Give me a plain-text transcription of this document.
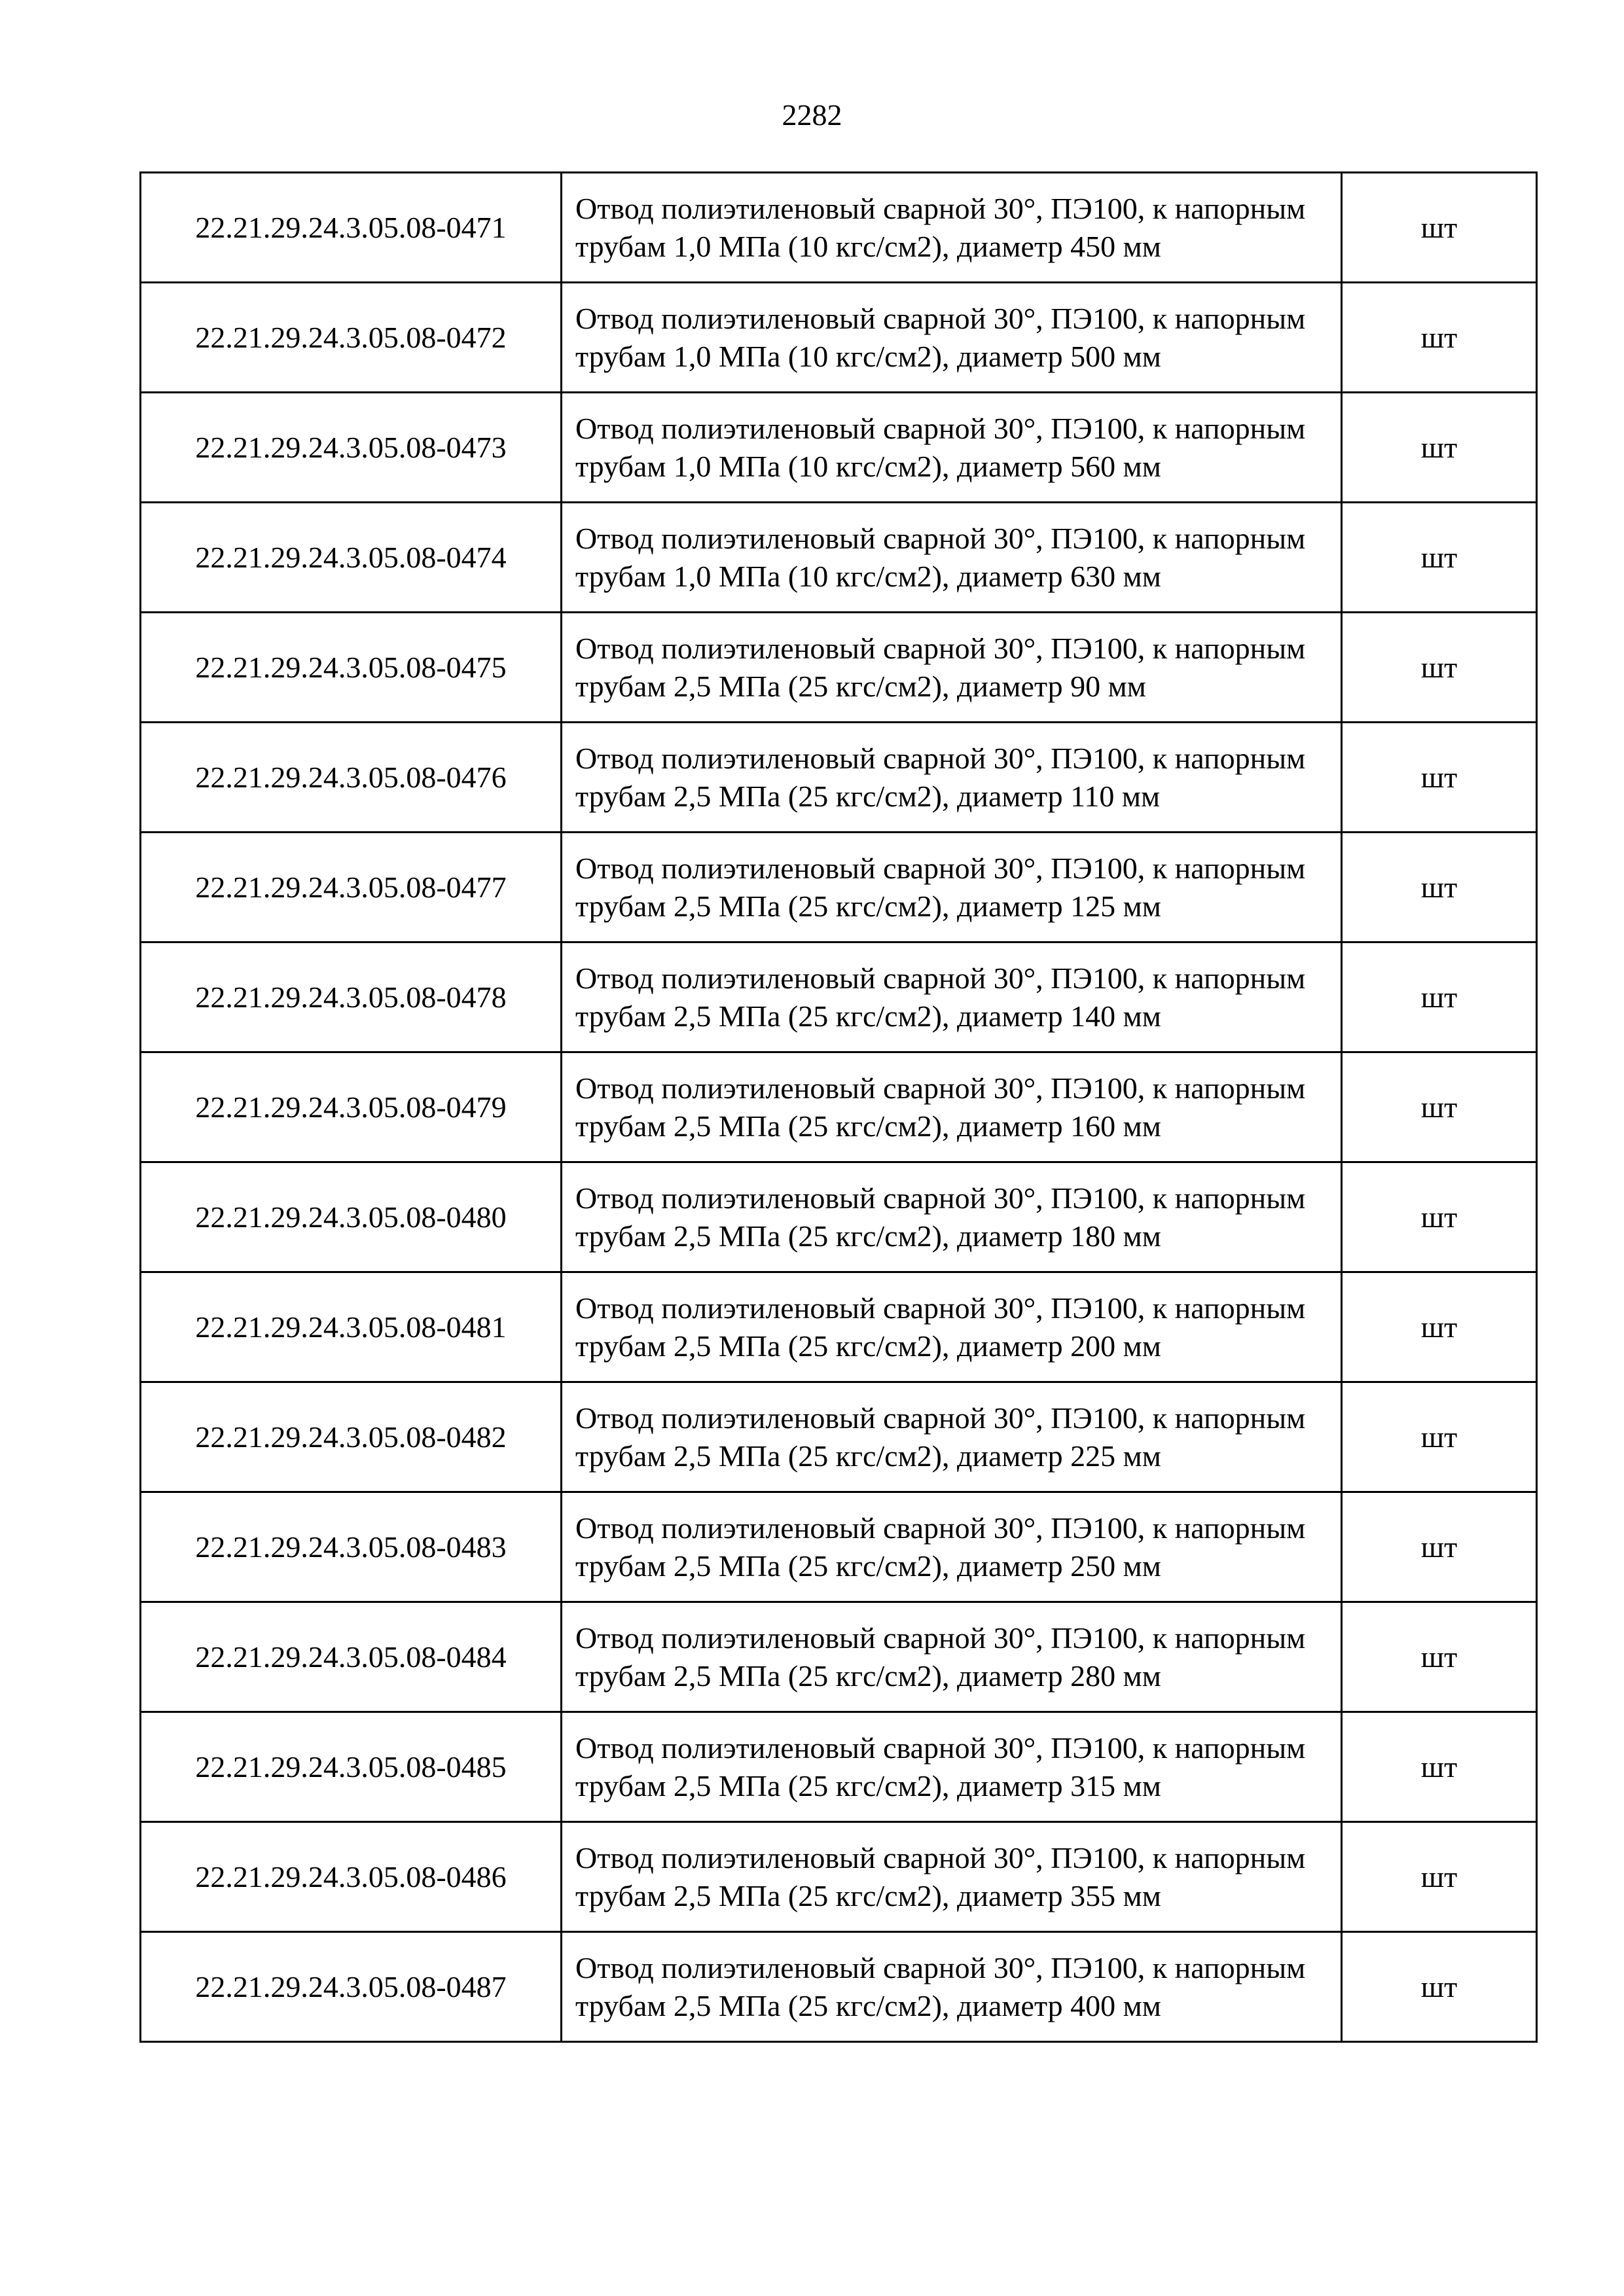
2282
22.21.29.24.3.05.08-0471	Отвод полиэтиленовый сварной 30°, ПЭ100, к напорным трубам 1,0 МПа (10 кгс/см2), диаметр 450 мм	шт
22.21.29.24.3.05.08-0472	Отвод полиэтиленовый сварной 30°, ПЭ100, к напорным трубам 1,0 МПа (10 кгс/см2), диаметр 500 мм	шт
22.21.29.24.3.05.08-0473	Отвод полиэтиленовый сварной 30°, ПЭ100, к напорным трубам 1,0 МПа (10 кгс/см2), диаметр 560 мм	шт
22.21.29.24.3.05.08-0474	Отвод полиэтиленовый сварной 30°, ПЭ100, к напорным трубам 1,0 МПа (10 кгс/см2), диаметр 630 мм	шт
22.21.29.24.3.05.08-0475	Отвод полиэтиленовый сварной 30°, ПЭ100, к напорным трубам 2,5 МПа (25 кгс/см2), диаметр 90 мм	шт
22.21.29.24.3.05.08-0476	Отвод полиэтиленовый сварной 30°, ПЭ100, к напорным трубам 2,5 МПа (25 кгс/см2), диаметр 110 мм	шт
22.21.29.24.3.05.08-0477	Отвод полиэтиленовый сварной 30°, ПЭ100, к напорным трубам 2,5 МПа (25 кгс/см2), диаметр 125 мм	шт
22.21.29.24.3.05.08-0478	Отвод полиэтиленовый сварной 30°, ПЭ100, к напорным трубам 2,5 МПа (25 кгс/см2), диаметр 140 мм	шт
22.21.29.24.3.05.08-0479	Отвод полиэтиленовый сварной 30°, ПЭ100, к напорным трубам 2,5 МПа (25 кгс/см2), диаметр 160 мм	шт
22.21.29.24.3.05.08-0480	Отвод полиэтиленовый сварной 30°, ПЭ100, к напорным трубам 2,5 МПа (25 кгс/см2), диаметр 180 мм	шт
22.21.29.24.3.05.08-0481	Отвод полиэтиленовый сварной 30°, ПЭ100, к напорным трубам 2,5 МПа (25 кгс/см2), диаметр 200 мм	шт
22.21.29.24.3.05.08-0482	Отвод полиэтиленовый сварной 30°, ПЭ100, к напорным трубам 2,5 МПа (25 кгс/см2), диаметр 225 мм	шт
22.21.29.24.3.05.08-0483	Отвод полиэтиленовый сварной 30°, ПЭ100, к напорным трубам 2,5 МПа (25 кгс/см2), диаметр 250 мм	шт
22.21.29.24.3.05.08-0484	Отвод полиэтиленовый сварной 30°, ПЭ100, к напорным трубам 2,5 МПа (25 кгс/см2), диаметр 280 мм	шт
22.21.29.24.3.05.08-0485	Отвод полиэтиленовый сварной 30°, ПЭ100, к напорным трубам 2,5 МПа (25 кгс/см2), диаметр 315 мм	шт
22.21.29.24.3.05.08-0486	Отвод полиэтиленовый сварной 30°, ПЭ100, к напорным трубам 2,5 МПа (25 кгс/см2), диаметр 355 мм	шт
22.21.29.24.3.05.08-0487	Отвод полиэтиленовый сварной 30°, ПЭ100, к напорным трубам 2,5 МПа (25 кгс/см2), диаметр 400 мм	шт
